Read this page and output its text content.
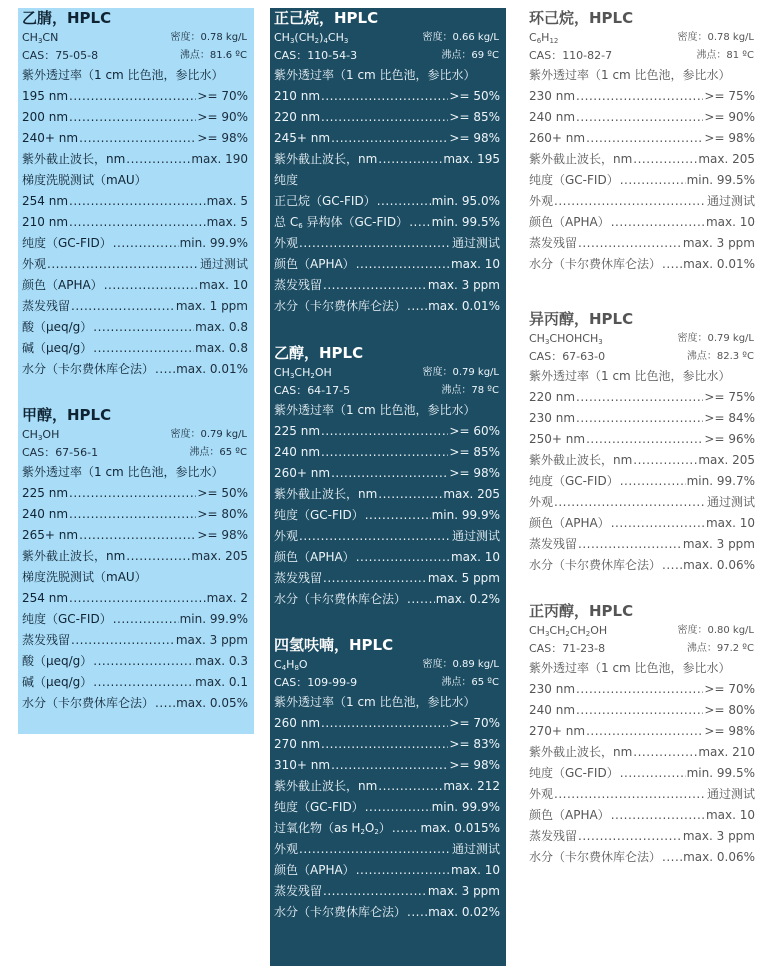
乙腈，HPLC
$CH_3CN$	密度：0.78 kg/L
CAS：75-05-8	沸点：81.6 ºC
紫外透过率（1 cm 比色池，参比水）
195 nm .....	>= 70%
200 nm .....	>= 90%
240+ nm .....	>= 98%
紫外截止波长，nm .....	max. 190
梯度洗脱测试（mAU）
254 nm .....	max. 5
210 nm .....	max. 5
纯度（GC-FID） .....	min. 99.9%
外观 .....	通过测试
颜色（APHA） .....	max. 10
蒸发残留 .....	max. 1 ppm
酸（µeq/g） .....	max. 0.8
碱（µeq/g） .....	max. 0.8
水分（卡尔费休库仑法） ..... max. 0.01%
甲醇，HPLC
$CH_3OH$	密度：0.79 kg/L
CAS：67-56-1	沸点：65 ºC
紫外透过率（1 cm 比色池，参比水）
225 nm .....	>= 50%
240 nm .....	>= 80%
265+ nm .....	>= 98%
紫外截止波长，nm .....	max. 205
梯度洗脱测试（mAU）
254 nm .....	max. 2
纯度（GC-FID） .....	min. 99.9%
蒸发残留 .....	max. 3 ppm
酸（µeq/g） .....	max. 0.3
碱（µeq/g） .....	max. 0.1
水分（卡尔费休库仑法） ..... max. 0.05%
正己烷，HPLC
$CH_3(CH_2)_4CH_3$	密度：0.66 kg/L
CAS：110-54-3	沸点：69 ºC
紫外透过率（1 cm 比色池，参比水）
210 nm .....	>= 50%
220 nm .....	>= 85%
245+ nm .....	>= 98%
紫外截止波长，nm .....	max. 195
纯度
正己烷（GC-FID） .....	min. 95.0%
总 $C_6$ 异构体（GC-FID） ..... min. 99.5%
外观 .....	通过测试
颜色（APHA） .....	max. 10
蒸发残留 .....	max. 3 ppm
水分（卡尔费休库仑法） ..... max. 0.01%
乙醇，HPLC
$CH_3CH_2OH$	密度：0.79 kg/L
CAS：64-17-5	沸点：78 ºC
紫外透过率（1 cm 比色池，参比水）
225 nm .....	>= 60%
240 nm .....	>= 85%
260+ nm .....	>= 98%
紫外截止波长，nm .....	max. 205
纯度（GC-FID） .....	min. 99.9%
外观 .....	通过测试
颜色（APHA） .....	max. 10
蒸发残留 .....	max. 5 ppm
水分（卡尔费休库仑法） ..... max. 0.2%
四氢呋喃，HPLC
$C_4H_8O$	密度：0.89 kg/L
CAS：109-99-9	沸点：65 ºC
紫外透过率（1 cm 比色池，参比水）
260 nm .....	>= 70%
270 nm .....	>= 83%
310+ nm .....	>= 98%
紫外截止波长，nm .....	max. 212
纯度（GC-FID） .....	min. 99.9%
过氧化物（as $H_2O_2$） ..... max. 0.015%
外观 .....	通过测试
颜色（APHA） .....	max. 10
蒸发残留 .....	max. 3 ppm
水分（卡尔费休库仑法） ..... max. 0.02%
环己烷，HPLC
$C_6H_{12}$	密度：0.78 kg/L
CAS：110-82-7	沸点：81 ºC
紫外透过率（1 cm 比色池，参比水）
230 nm .....	>= 75%
240 nm .....	>= 90%
260+ nm .....	>= 98%
紫外截止波长，nm .....	max. 205
纯度（GC-FID） .....	min. 99.5%
外观 .....	通过测试
颜色（APHA） .....	max. 10
蒸发残留 .....	max. 3 ppm
水分（卡尔费休库仑法） ..... max. 0.01%
异丙醇，HPLC
$CH_3CHOHCH_3$	密度：0.79 kg/L
CAS：67-63-0	沸点：82.3 ºC
紫外透过率（1 cm 比色池，参比水）
220 nm .....	>= 75%
230 nm .....	>= 84%
250+ nm .....	>= 96%
紫外截止波长，nm .....	max. 205
纯度（GC-FID） .....	min. 99.7%
外观 .....	通过测试
颜色（APHA） .....	max. 10
蒸发残留 .....	max. 3 ppm
水分（卡尔费休库仑法） ..... max. 0.06%
正丙醇，HPLC
$CH_3CH_2CH_2OH$	密度：0.80 kg/L
CAS：71-23-8	沸点：97.2 ºC
紫外透过率（1 cm 比色池，参比水）
230 nm .....	>= 70%
240 nm .....	>= 80%
270+ nm .....	>= 98%
紫外截止波长，nm .....	max. 210
纯度（GC-FID） .....	min. 99.5%
外观 .....	通过测试
颜色（APHA） .....	max. 10
蒸发残留 .....	max. 3 ppm
水分（卡尔费休库仑法） ..... max. 0.06%
